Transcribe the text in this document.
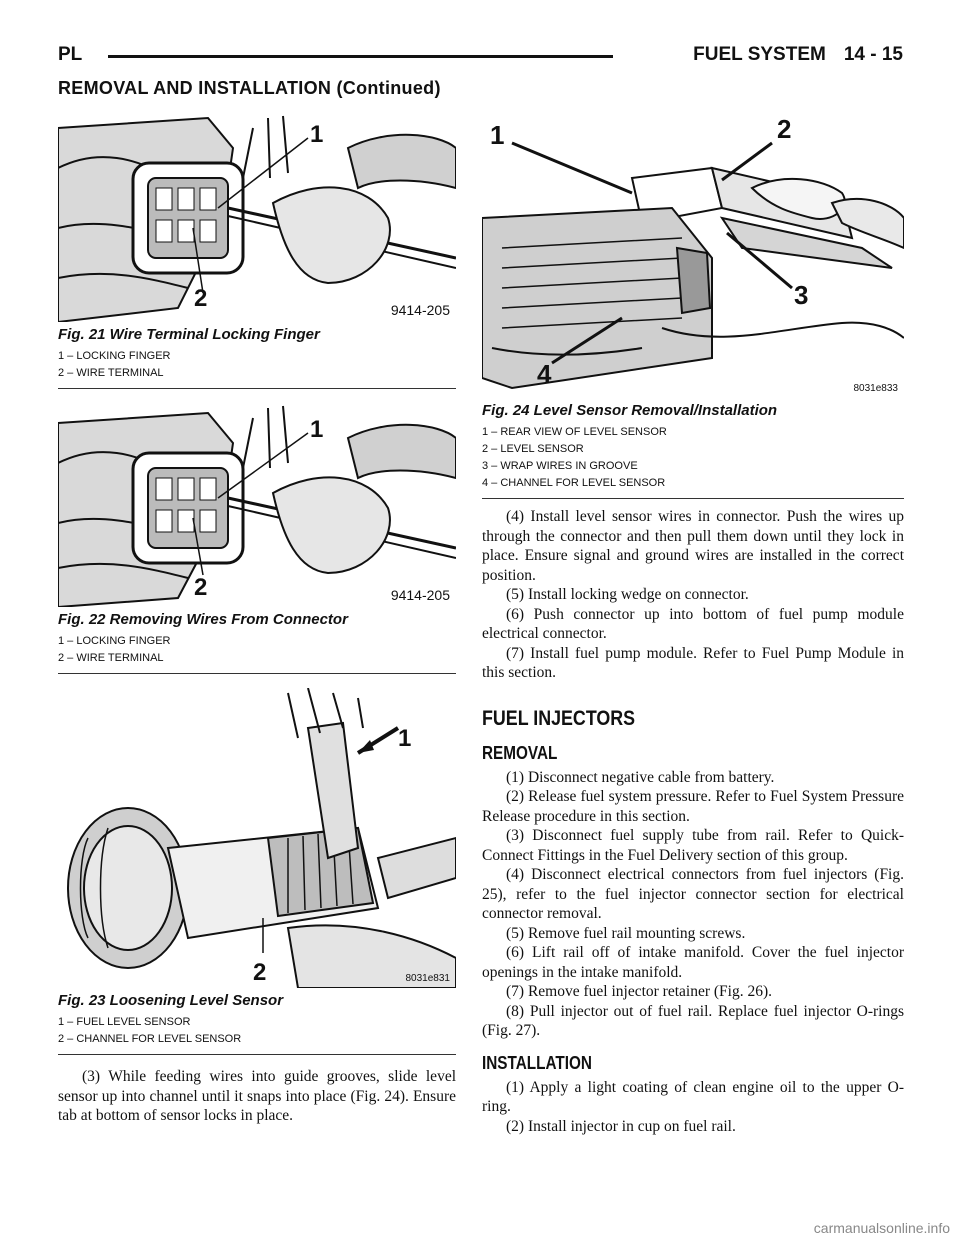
PL	FUEL SYSTEM 14 - 15
REMOVAL AND INSTALLATION (Continued)
1
2	9414-205
Fig. 21 Wire Terminal Locking Finger
1 – LOCKING FINGER
2 – WIRE TERMINAL
1
2	9414-205
Fig. 22 Removing Wires From Connector
1 – LOCKING FINGER
2 – WIRE TERMINAL
1
2	8031e831
Fig. 23 Loosening Level Sensor
1 – FUEL LEVEL SENSOR
2 – CHANNEL FOR LEVEL SENSOR

(3) While feeding wires into guide grooves, slide level sensor up into channel until it snaps into place (Fig. 24). Ensure tab at bottom of sensor locks in place.

1	2
3
4	8031e833
Fig. 24 Level Sensor Removal/Installation
1 – REAR VIEW OF LEVEL SENSOR
2 – LEVEL SENSOR
3 – WRAP WIRES IN GROOVE
4 – CHANNEL FOR LEVEL SENSOR

(4) Install level sensor wires in connector. Push the wires up through the connector and then pull them down until they lock in place. Ensure signal and ground wires are installed in the correct position.

(5) Install locking wedge on connector.

(6) Push connector up into bottom of fuel pump module electrical connector.

(7) Install fuel pump module. Refer to Fuel Pump Module in this section.

FUEL INJECTORS
REMOVAL

(1) Disconnect negative cable from battery.

(2) Release fuel system pressure. Refer to Fuel System Pressure Release procedure in this section.

(3) Disconnect fuel supply tube from rail. Refer to Quick-Connect Fittings in the Fuel Delivery section of this group.

(4) Disconnect electrical connectors from fuel injectors (Fig. 25), refer to the fuel injector connector section for electrical connector removal.

(5) Remove fuel rail mounting screws.

(6) Lift rail off of intake manifold. Cover the fuel injector openings in the intake manifold.

(7) Remove fuel injector retainer (Fig. 26).

(8) Pull injector out of fuel rail. Replace fuel injector O-rings (Fig. 27).

INSTALLATION

(1) Apply a light coating of clean engine oil to the upper O-ring.

(2) Install injector in cup on fuel rail.

carmanualsonline.info
